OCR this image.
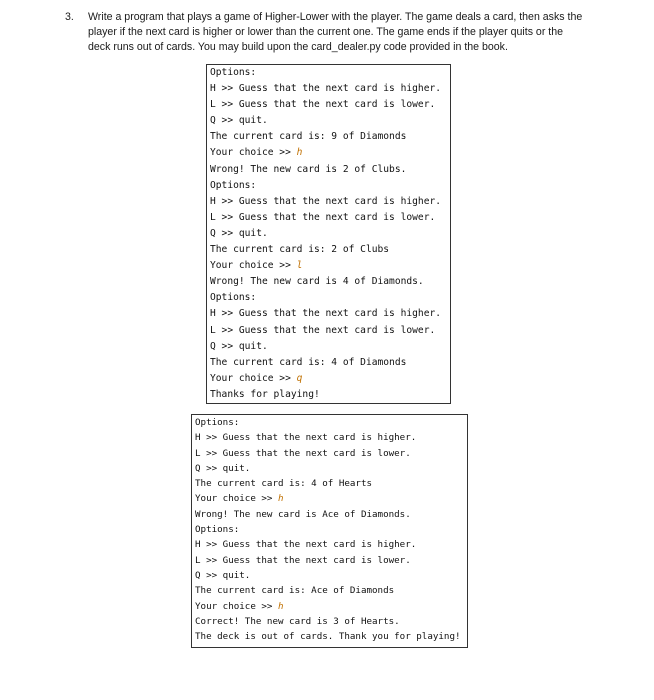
3. Write a program that plays a game of Higher-Lower with the player. The game deals a card, then asks the player if the next card is higher or lower than the current one. The game ends if the player quits or the deck runs out of cards. You may build upon the card_dealer.py code provided in the book.
Options:
H >> Guess that the next card is higher.
L >> Guess that the next card is lower.
Q >> quit.
The current card is: 9 of Diamonds
Your choice >> h
Wrong! The new card is 2 of Clubs.
Options:
H >> Guess that the next card is higher.
L >> Guess that the next card is lower.
Q >> quit.
The current card is: 2 of Clubs
Your choice >> l
Wrong! The new card is 4 of Diamonds.
Options:
H >> Guess that the next card is higher.
L >> Guess that the next card is lower.
Q >> quit.
The current card is: 4 of Diamonds
Your choice >> q
Thanks for playing!
Options:
H >> Guess that the next card is higher.
L >> Guess that the next card is lower.
Q >> quit.
The current card is: 4 of Hearts
Your choice >> h
Wrong! The new card is Ace of Diamonds.
Options:
H >> Guess that the next card is higher.
L >> Guess that the next card is lower.
Q >> quit.
The current card is: Ace of Diamonds
Your choice >> h
Correct! The new card is 3 of Hearts.
The deck is out of cards. Thank you for playing!
